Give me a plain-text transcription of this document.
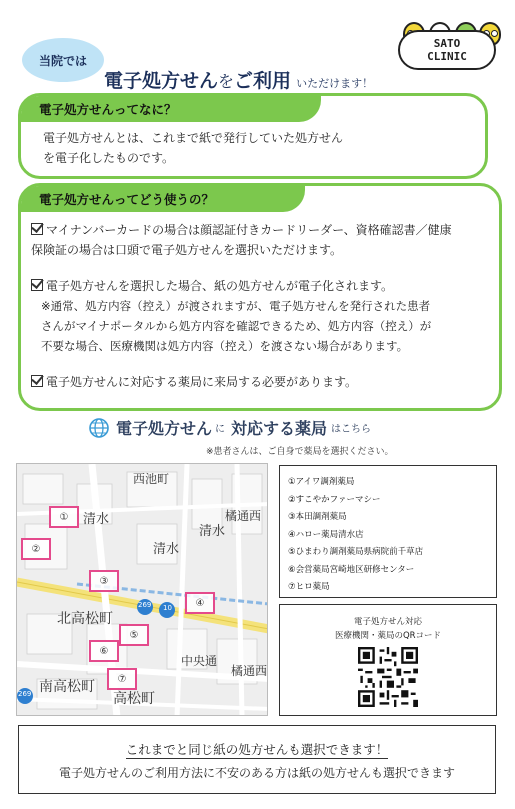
当院では
電子処方せんをご利用 いただけます！
SATO
CLINIC
電子処方せんってなに？
電子処方せんとは、これまで紙で発行していた処方せん
を電子化したものです。
電子処方せんってどう使うの？
マイナンバーカードの場合は顔認証付きカードリーダー、資格確認書／健康
保険証の場合は口頭で電子処方せんを選択いただけます。
電子処方せんを選択した場合、紙の処方せんが電子化されます。
※通常、処方内容（控え）が渡されますが、電子処方せんを発行された患者
さんがマイナポータルから処方内容を確認できるため、処方内容（控え）が
不要な場合、医療機関は処方内容（控え）を渡さない場合があります。
電子処方せんに対応する薬局に来局する必要があります。
電子処方せん に 対応する薬局 はこちら
※患者さんは、ご自身で薬局を選択ください。
西池町
清水
清水
清水
橘通西
北高松町
南高松町
高松町
中央通
橘通西
269 10
269
①
②
③
④
⑤
⑥
⑦
①アイワ調剤薬局
②すこやかファーマシー
③本田調剤薬局
④ハロー薬局清水店
⑤ひまわり調剤薬局県病院前千草店
⑥会営薬局宮崎地区研修センター
⑦ヒロ薬局
電子処方せん対応
医療機関・薬局のQRコード
これまでと同じ紙の処方せんも選択できます！
電子処方せんのご利用方法に不安のある方は紙の処方せんも選択できます
